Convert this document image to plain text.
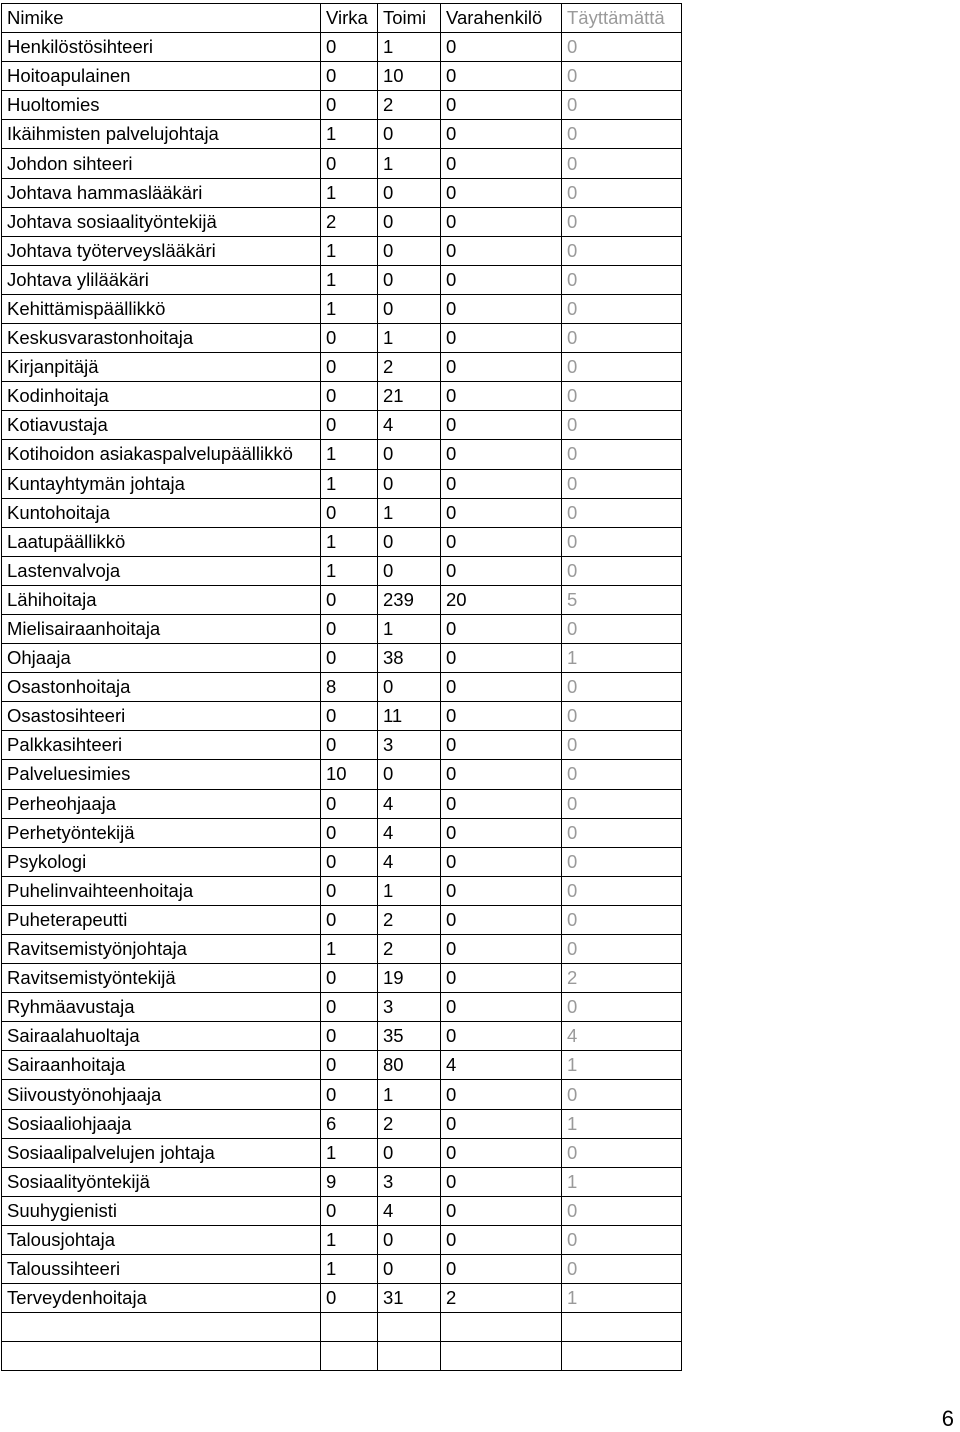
Nimike	Virka	Toimi	Varahenkilö	Täyttämättä
Henkilöstösihteeri	0	1	0	0
Hoitoapulainen	0	10	0	0
Huoltomies	0	2	0	0
Ikäihmisten palvelujohtaja	1	0	0	0
Johdon sihteeri	0	1	0	0
Johtava hammaslääkäri	1	0	0	0
Johtava sosiaalityöntekijä	2	0	0	0
Johtava työterveyslääkäri	1	0	0	0
Johtava ylilääkäri	1	0	0	0
Kehittämispäällikkö	1	0	0	0
Keskusvarastonhoitaja	0	1	0	0
Kirjanpitäjä	0	2	0	0
Kodinhoitaja	0	21	0	0
Kotiavustaja	0	4	0	0
Kotihoidon asiakaspalvelupäällikkö	1	0	0	0
Kuntayhtymän johtaja	1	0	0	0
Kuntohoitaja	0	1	0	0
Laatupäällikkö	1	0	0	0
Lastenvalvoja	1	0	0	0
Lähihoitaja	0	239	20	5
Mielisairaanhoitaja	0	1	0	0
Ohjaaja	0	38	0	1
Osastonhoitaja	8	0	0	0
Osastosihteeri	0	11	0	0
Palkkasihteeri	0	3	0	0
Palveluesimies	10	0	0	0
Perheohjaaja	0	4	0	0
Perhetyöntekijä	0	4	0	0
Psykologi	0	4	0	0
Puhelinvaihteenhoitaja	0	1	0	0
Puheterapeutti	0	2	0	0
Ravitsemistyönjohtaja	1	2	0	0
Ravitsemistyöntekijä	0	19	0	2
Ryhmäavustaja	0	3	0	0
Sairaalahuoltaja	0	35	0	4
Sairaanhoitaja	0	80	4	1
Siivoustyönohjaaja	0	1	0	0
Sosiaaliohjaaja	6	2	0	1
Sosiaalipalvelujen johtaja	1	0	0	0
Sosiaalityöntekijä	9	3	0	1
Suuhygienisti	0	4	0	0
Talousjohtaja	1	0	0	0
Taloussihteeri	1	0	0	0
Terveydenhoitaja	0	31	2	1

6
